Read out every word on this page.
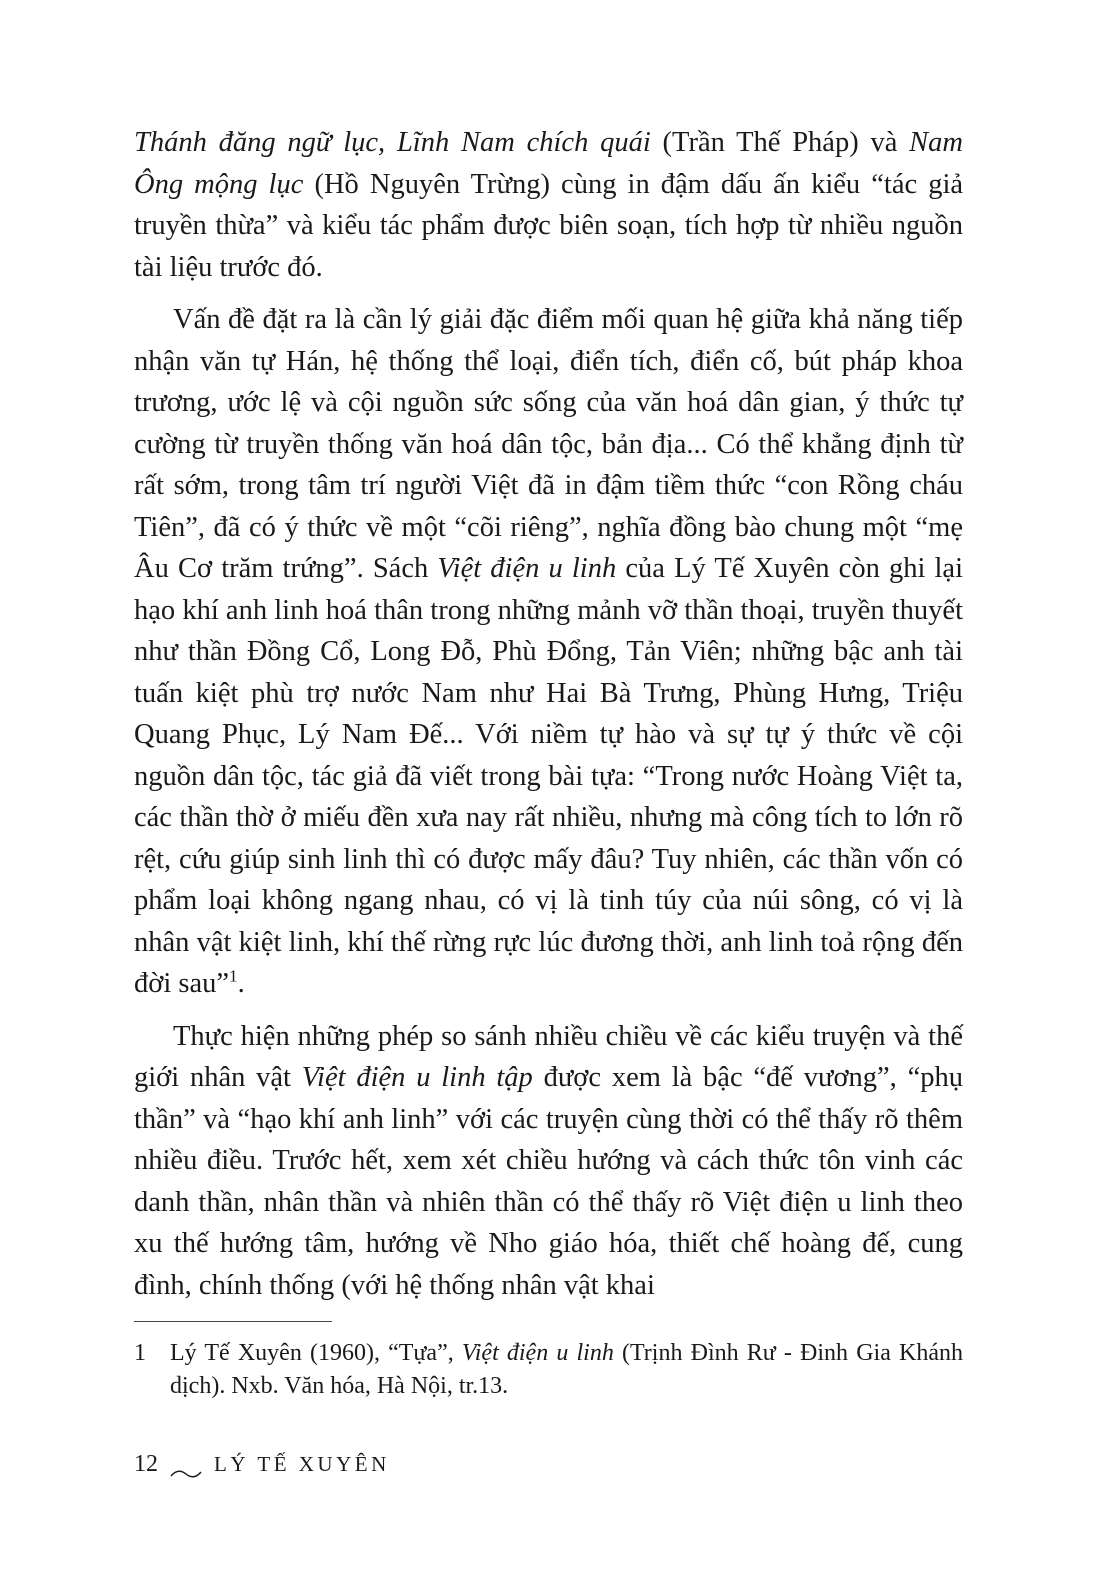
Thánh đăng ngữ lục, Lĩnh Nam chích quái (Trần Thế Pháp) và Nam Ông mộng lục (Hồ Nguyên Trừng) cùng in đậm dấu ấn kiểu “tác giả truyền thừa” và kiểu tác phẩm được biên soạn, tích hợp từ nhiều nguồn tài liệu trước đó.

Vấn đề đặt ra là cần lý giải đặc điểm mối quan hệ giữa khả năng tiếp nhận văn tự Hán, hệ thống thể loại, điển tích, điển cố, bút pháp khoa trương, ước lệ và cội nguồn sức sống của văn hoá dân gian, ý thức tự cường từ truyền thống văn hoá dân tộc, bản địa... Có thể khẳng định từ rất sớm, trong tâm trí người Việt đã in đậm tiềm thức “con Rồng cháu Tiên”, đã có ý thức về một “cõi riêng”, nghĩa đồng bào chung một “mẹ Âu Cơ trăm trứng”. Sách Việt điện u linh của Lý Tế Xuyên còn ghi lại hạo khí anh linh hoá thân trong những mảnh vỡ thần thoại, truyền thuyết như thần Đồng Cổ, Long Đỗ, Phù Đổng, Tản Viên; những bậc anh tài tuấn kiệt phù trợ nước Nam như Hai Bà Trưng, Phùng Hưng, Triệu Quang Phục, Lý Nam Đế... Với niềm tự hào và sự tự ý thức về cội nguồn dân tộc, tác giả đã viết trong bài tựa: “Trong nước Hoàng Việt ta, các thần thờ ở miếu đền xưa nay rất nhiều, nhưng mà công tích to lớn rõ rệt, cứu giúp sinh linh thì có được mấy đâu? Tuy nhiên, các thần vốn có phẩm loại không ngang nhau, có vị là tinh túy của núi sông, có vị là nhân vật kiệt linh, khí thế rừng rực lúc đương thời, anh linh toả rộng đến đời sau”$^1$.

Thực hiện những phép so sánh nhiều chiều về các kiểu truyện và thế giới nhân vật Việt điện u linh tập được xem là bậc “đế vương”, “phụ thần” và “hạo khí anh linh” với các truyện cùng thời có thể thấy rõ thêm nhiều điều. Trước hết, xem xét chiều hướng và cách thức tôn vinh các danh thần, nhân thần và nhiên thần có thể thấy rõ Việt điện u linh theo xu thế hướng tâm, hướng về Nho giáo hóa, thiết chế hoàng đế, cung đình, chính thống (với hệ thống nhân vật khai

1	Lý Tế Xuyên (1960), “Tựa”, Việt điện u linh (Trịnh Đình Rư - Đinh Gia Khánh dịch). Nxb. Văn hóa, Hà Nội, tr.13.
12	LÝ TẾ XUYÊN
